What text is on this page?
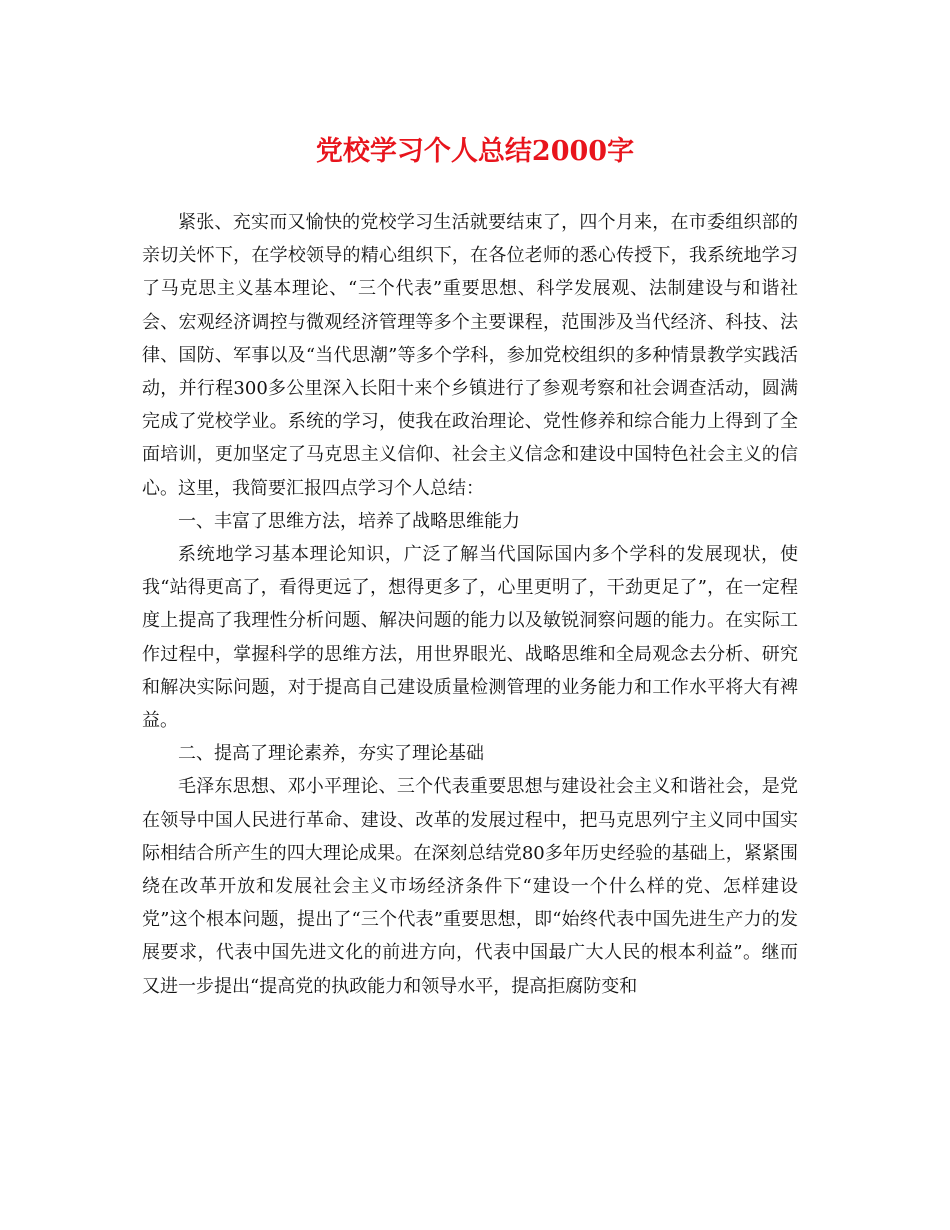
党校学习个人总结2000字

紧张、充实而又愉快的党校学习生活就要结束了，四个月来，在市委组织部的亲切关怀下，在学校领导的精心组织下，在各位老师的悉心传授下，我系统地学习了马克思主义基本理论、“三个代表”重要思想、科学发展观、法制建设与和谐社会、宏观经济调控与微观经济管理等多个主要课程，范围涉及当代经济、科技、法律、国防、军事以及“当代思潮”等多个学科，参加党校组织的多种情景教学实践活动，并行程300多公里深入长阳十来个乡镇进行了参观考察和社会调查活动，圆满完成了党校学业。系统的学习，使我在政治理论、党性修养和综合能力上得到了全面培训，更加坚定了马克思主义信仰、社会主义信念和建设中国特色社会主义的信心。这里，我简要汇报四点学习个人总结：

一、丰富了思维方法，培养了战略思维能力

系统地学习基本理论知识，广泛了解当代国际国内多个学科的发展现状，使我“站得更高了，看得更远了，想得更多了，心里更明了，干劲更足了”，在一定程度上提高了我理性分析问题、解决问题的能力以及敏锐洞察问题的能力。在实际工作过程中，掌握科学的思维方法，用世界眼光、战略思维和全局观念去分析、研究和解决实际问题，对于提高自己建设质量检测管理的业务能力和工作水平将大有裨益。

二、提高了理论素养，夯实了理论基础

毛泽东思想、邓小平理论、三个代表重要思想与建设社会主义和谐社会，是党在领导中国人民进行革命、建设、改革的发展过程中，把马克思列宁主义同中国实际相结合所产生的四大理论成果。在深刻总结党80多年历史经验的基础上，紧紧围绕在改革开放和发展社会主义市场经济条件下“建设一个什么样的党、怎样建设党”这个根本问题，提出了“三个代表”重要思想，即“始终代表中国先进生产力的发展要求，代表中国先进文化的前进方向，代表中国最广大人民的根本利益”。继而又进一步提出“提高党的执政能力和领导水平，提高拒腐防变和
